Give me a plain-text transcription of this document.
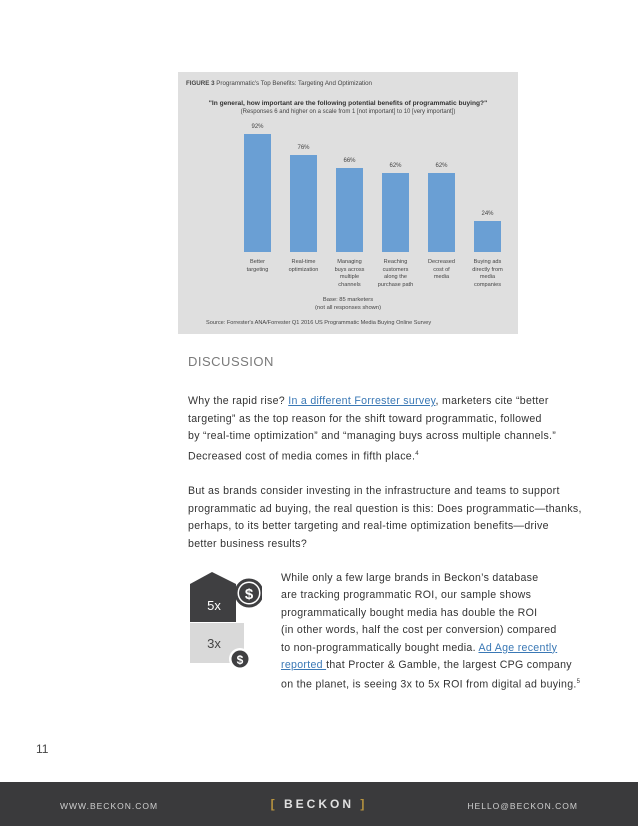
FIGURE 3 Programmatic's Top Benefits: Targeting And Optimization
"In general, how important are the following potential benefits of programmatic buying?"
(Responses 6 and higher on a scale from 1 [not important] to 10 [very important])
92%
Better
targeting
76%
Real-time
optimization
66%
Managing
buys across
multiple
channels
62%
Reaching
customers
along the
purchase path
62%
Decreased
cost of
media
24%
Buying ads
directly from
media
companies
Base: 85 marketers
(not all responses shown)
Source: Forrester's ANA/Forrester Q1 2016 US Programmatic Media Buying Online Survey
DISCUSSION
Why the rapid rise? In a different Forrester survey, marketers cite “better
targeting” as the top reason for the shift toward programmatic, followed
by “real-time optimization” and “managing buys across multiple channels.”
Decreased cost of media comes in fifth place.$^4$
But as brands consider investing in the infrastructure and teams to support
programmatic ad buying, the real question is this: Does programmatic—thanks,
perhaps, to its better targeting and real-time optimization benefits—drive
better business results?
5x
3x
$
$
While only a few large brands in Beckon’s database
are tracking programmatic ROI, our sample shows
programmatically bought media has double the ROI
(in other words, half the cost per conversion) compared
to non-programmatically bought media. Ad Age recently
reported that Procter & Gamble, the largest CPG company
on the planet, is seeing 3x to 5x ROI from digital ad buying.$^5$
11
WWW.BECKON.COM	[ BECKON ]	HELLO@BECKON.COM
